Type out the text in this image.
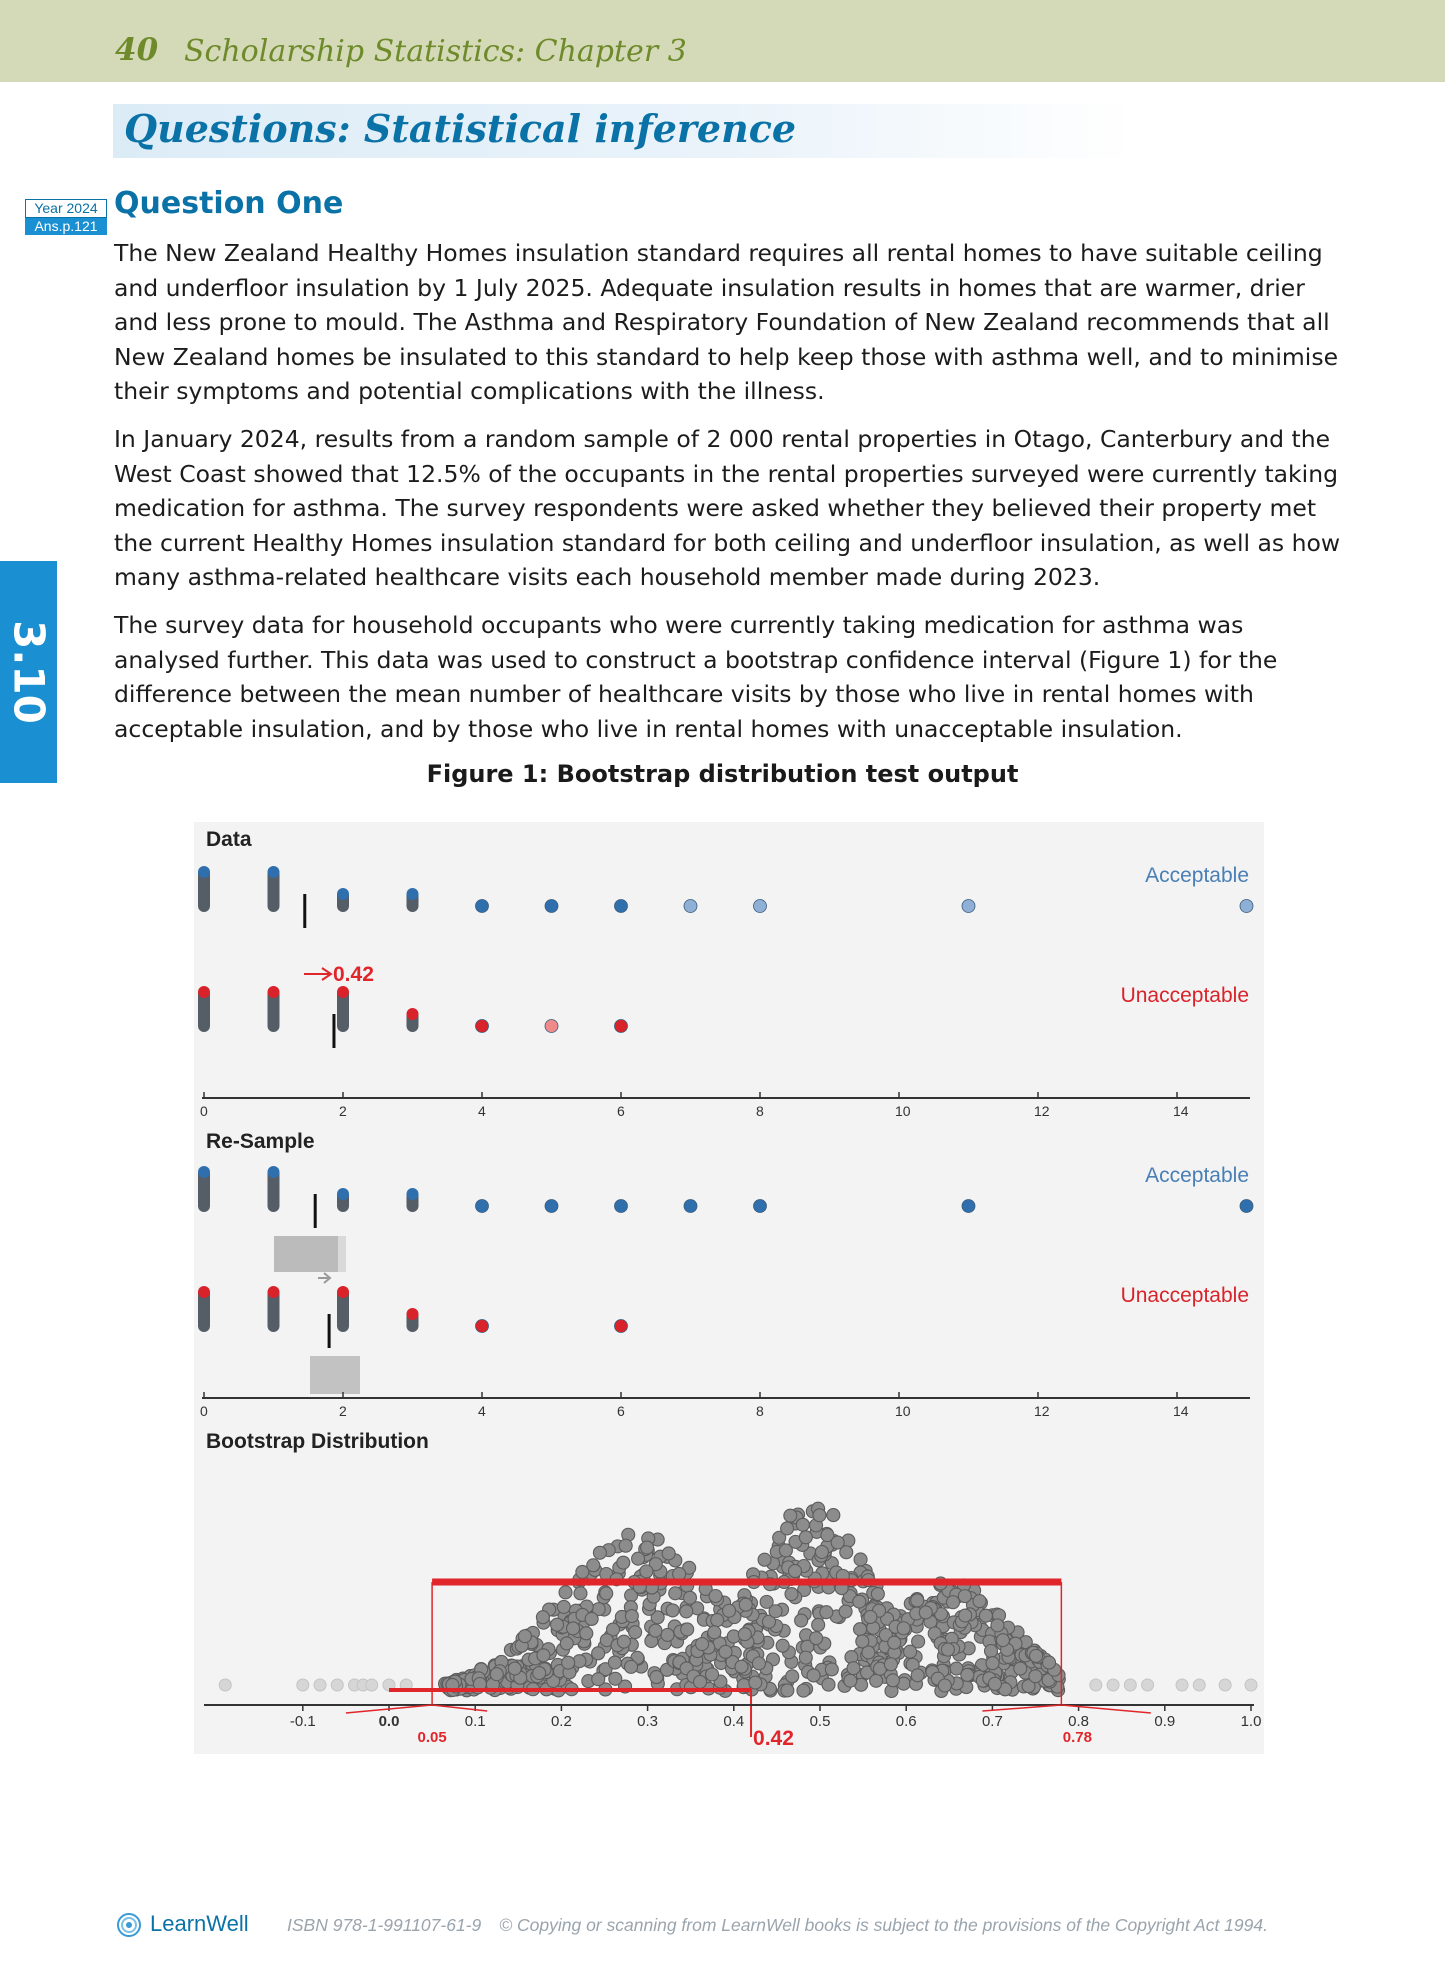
40 Scholarship Statistics: Chapter 3
Questions: Statistical inference
Year 2024
Ans.p.121
Question One

The New Zealand Healthy Homes insulation standard requires all rental homes to have suitable ceiling and underfloor insulation by 1 July 2025. Adequate insulation results in homes that are warmer, drier and less prone to mould. The Asthma and Respiratory Foundation of New Zealand recommends that all New Zealand homes be insulated to this standard to help keep those with asthma well, and to minimise their symptoms and potential complications with the illness.

In January 2024, results from a random sample of 2 000 rental properties in Otago, Canterbury and the West Coast showed that 12.5% of the occupants in the rental properties surveyed were currently taking medication for asthma. The survey respondents were asked whether they believed their property met the current Healthy Homes insulation standard for both ceiling and underfloor insulation, as well as how many asthma-related healthcare visits each household member made during 2023.

The survey data for household occupants who were currently taking medication for asthma was analysed further. This data was used to construct a bootstrap confidence interval (Figure 1) for the difference between the mean number of healthcare visits by those who live in rental homes with acceptable insulation, and by those who live in rental homes with unacceptable insulation.

3.10
Figure 1: Bootstrap distribution test output
Data
Re-Sample
Bootstrap Distribution
Acceptable
Unacceptable
Acceptable
Unacceptable
0.42
0	2	4	6	8	10	12	14
0	2	4	6	8	10	12	14
-0.1	0.0	0.1	0.2	0.3	0.4	0.5	0.6	0.7	0.8	0.9	1.0
0.05	0.78
0.42
LearnWell ISBN 978-1-991107-61-9 © Copying or scanning from LearnWell books is subject to the provisions of the Copyright Act 1994.
